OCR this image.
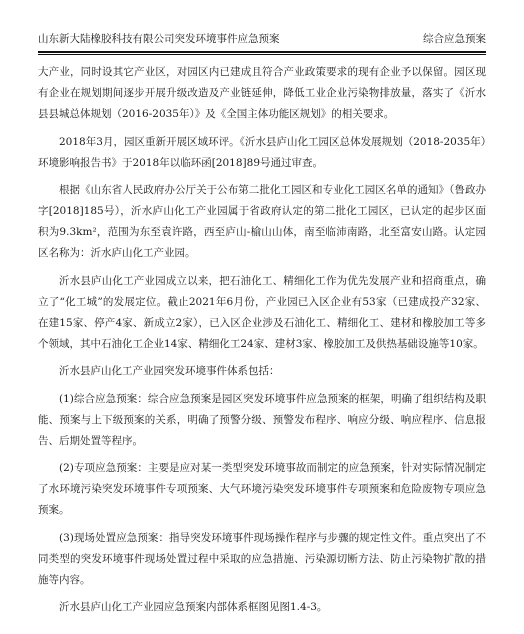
山东新大陆橡胶科技有限公司突发环境事件应急预案	综合应急预案

大产业，同时设其它产业区，对园区内已建成且符合产业政策要求的现有企业予以保留。园区现有企业在规划期间逐步开展升级改造及产业链延伸，降低工业企业污染物排放量，落实了《沂水县县城总体规划（2016-2035年）》及《全国主体功能区规划》的相关要求。

2018年3月，园区重新开展区域环评。《沂水县庐山化工园区总体发展规划（2018-2035年）环境影响报告书》于2018年以临环函[2018]89号通过审查。

根据《山东省人民政府办公厅关于公布第二批化工园区和专业化工园区名单的通知》（鲁政办字[2018]185号），沂水庐山化工产业园属于省政府认定的第二批化工园区，已认定的起步区面积为9.3km²，范围为东至袁许路，西至庐山-榆山山体，南至临沛南路，北至富安山路。认定园区名称为：沂水庐山化工产业园。

沂水县庐山化工产业园成立以来，把石油化工、精细化工作为优先发展产业和招商重点，确立了“化工城”的发展定位。截止2021年6月份，产业园已入区企业有53家（已建成投产32家、在建15家、停产4家、新成立2家），已入区企业涉及石油化工、精细化工、建材和橡胶加工等多个领域，其中石油化工企业14家、精细化工24家、建材3家、橡胶加工及供热基础设施等10家。

沂水县庐山化工产业园突发环境事件体系包括：

(1)综合应急预案：综合应急预案是园区突发环境事件应急预案的框架，明确了组织结构及职能、预案与上下级预案的关系，明确了预警分级、预警发布程序、响应分级、响应程序、信息报告、后期处置等程序。

(2)专项应急预案：主要是应对某一类型突发环境事故而制定的应急预案，针对实际情况制定了水环境污染突发环境事件专项预案、大气环境污染突发环境事件专项预案和危险废物专项应急预案。

(3)现场处置应急预案：指导突发环境事件现场操作程序与步骤的规定性文件。重点突出了不同类型的突发环境事件现场处置过程中采取的应急措施、污染源切断方法、防止污染物扩散的措施等内容。

沂水县庐山化工产业园应急预案内部体系框图见图1.4-3。
